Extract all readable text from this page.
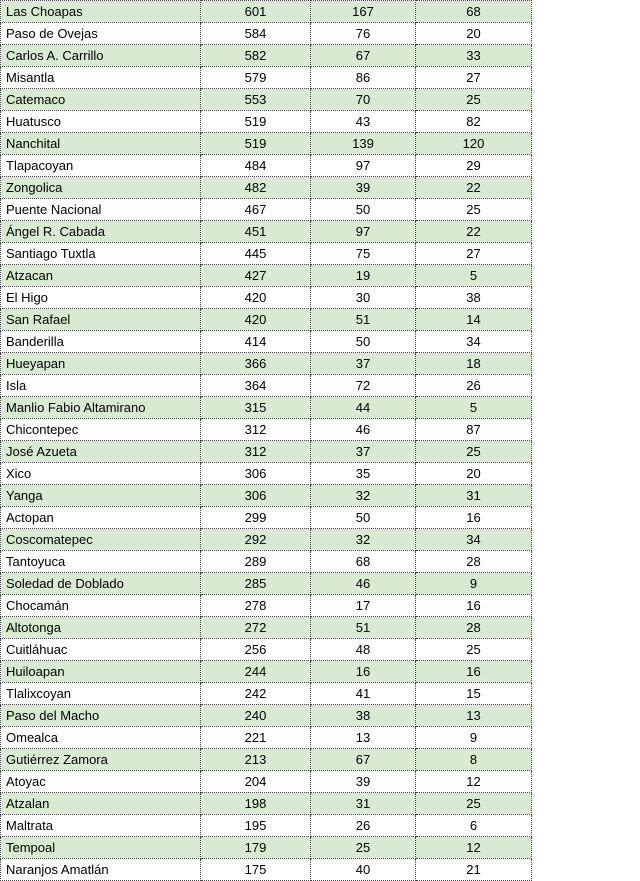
Las Choapas	601	167	68
Paso de Ovejas	584	76	20
Carlos A. Carrillo	582	67	33
Misantla	579	86	27
Catemaco	553	70	25
Huatusco	519	43	82
Nanchital	519	139	120
Tlapacoyan	484	97	29
Zongolica	482	39	22
Puente Nacional	467	50	25
Ángel R. Cabada	451	97	22
Santiago Tuxtla	445	75	27
Atzacan	427	19	5
El Higo	420	30	38
San Rafael	420	51	14
Banderilla	414	50	34
Hueyapan	366	37	18
Isla	364	72	26
Manlio Fabio Altamirano	315	44	5
Chicontepec	312	46	87
José Azueta	312	37	25
Xico	306	35	20
Yanga	306	32	31
Actopan	299	50	16
Coscomatepec	292	32	34
Tantoyuca	289	68	28
Soledad de Doblado	285	46	9
Chocamán	278	17	16
Altotonga	272	51	28
Cuitláhuac	256	48	25
Huiloapan	244	16	16
Tlalixcoyan	242	41	15
Paso del Macho	240	38	13
Omealca	221	13	9
Gutiérrez Zamora	213	67	8
Atoyac	204	39	12
Atzalan	198	31	25
Maltrata	195	26	6
Tempoal	179	25	12
Naranjos Amatlán	175	40	21
